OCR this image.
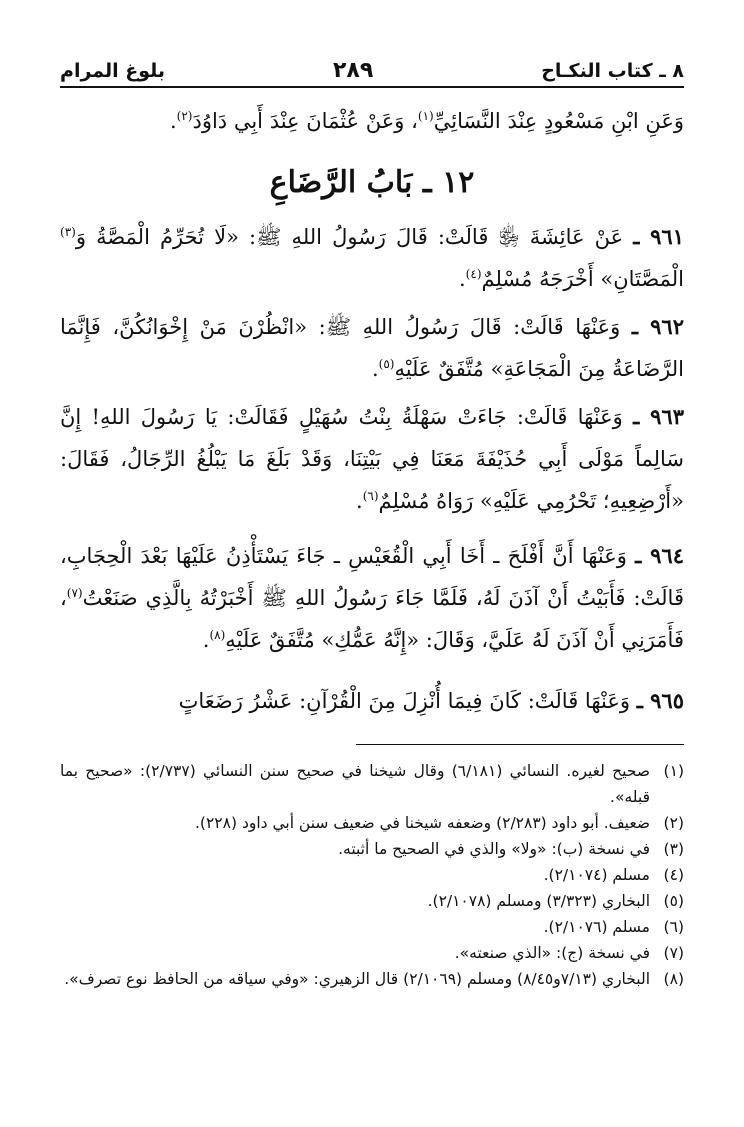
٨ ـ كتاب النكـاح
٢٨٩
بلوغ المرام
وَعَنِ ابْنِ مَسْعُودٍ عِنْدَ النَّسَائِيِّ$^{(١)}$، وَعَنْ عُثْمَانَ عِنْدَ أَبِي دَاوُدَ$^{(٢)}$.
١٢ ـ بَابُ الرَّضَاعِ
٩٦١ ـ عَنْ عَائِشَةَ ﵂ قَالَتْ: قَالَ رَسُولُ اللهِ ﷺ: «لَا تُحَرِّمُ الْمَصَّةُ وَ$^{(٣)}$ الْمَصَّتَانِ» أَخْرَجَهُ مُسْلِمٌ$^{(٤)}$.
٩٦٢ ـ وَعَنْهَا قَالَتْ: قَالَ رَسُولُ اللهِ ﷺ: «انْظُرْنَ مَنْ إِخْوَانُكُنَّ، فَإِنَّمَا الرَّضَاعَةُ مِنَ الْمَجَاعَةِ» مُتَّفَقٌ عَلَيْهِ$^{(٥)}$.
٩٦٣ ـ وَعَنْهَا قَالَتْ: جَاءَتْ سَهْلَةُ بِنْتُ سُهَيْلٍ فَقَالَتْ: يَا رَسُولَ اللهِ! إِنَّ سَالِماً مَوْلَى أَبِي حُذَيْفَةَ مَعَنَا فِي بَيْتِنَا، وَقَدْ بَلَغَ مَا يَبْلُغُ الرِّجَالُ، فَقَالَ: «أَرْضِعِيهِ؛ تَحْرُمِي عَلَيْهِ» رَوَاهُ مُسْلِمٌ$^{(٦)}$.
٩٦٤ ـ وَعَنْهَا أَنَّ أَفْلَحَ ـ أَخَا أَبِي الْقُعَيْسِ ـ جَاءَ يَسْتَأْذِنُ عَلَيْهَا بَعْدَ الْحِجَابِ، قَالَتْ: فَأَبَيْتُ أَنْ آذَنَ لَهُ، فَلَمَّا جَاءَ رَسُولُ اللهِ ﷺ أَخْبَرْتُهُ بِالَّذِي صَنَعْتُ$^{(٧)}$، فَأَمَرَنِي أَنْ آذَنَ لَهُ عَلَيَّ، وَقَالَ: «إِنَّهُ عَمُّكِ» مُتَّفَقٌ عَلَيْهِ$^{(٨)}$.
٩٦٥ ـ وَعَنْهَا قَالَتْ: كَانَ فِيمَا أُنْزِلَ مِنَ الْقُرْآنِ: عَشْرُ رَضَعَاتٍ
(١)
صحيح لغيره. النسائي (٦/١٨١) وقال شيخنا في صحيح سنن النسائي (٢/٧٣٧): «صحيح بما قبله».
(٢)
ضعيف. أبو داود (٢/٢٨٣) وضعفه شيخنا في ضعيف سنن أبي داود (٢٢٨).
(٣)
في نسخة (ب): «ولا» والذي في الصحيح ما أثبته.
(٤)
مسلم (٢/١٠٧٤).
(٥)
البخاري (٣/٣٢٣) ومسلم (٢/١٠٧٨).
(٦)
مسلم (٢/١٠٧٦).
(٧)
في نسخة (ج): «الذي صنعته».
(٨)
البخاري (٧/١٣و٨/٤٥) ومسلم (٢/١٠٦٩) قال الزهيري: «وفي سياقه من الحافظ نوع تصرف».
